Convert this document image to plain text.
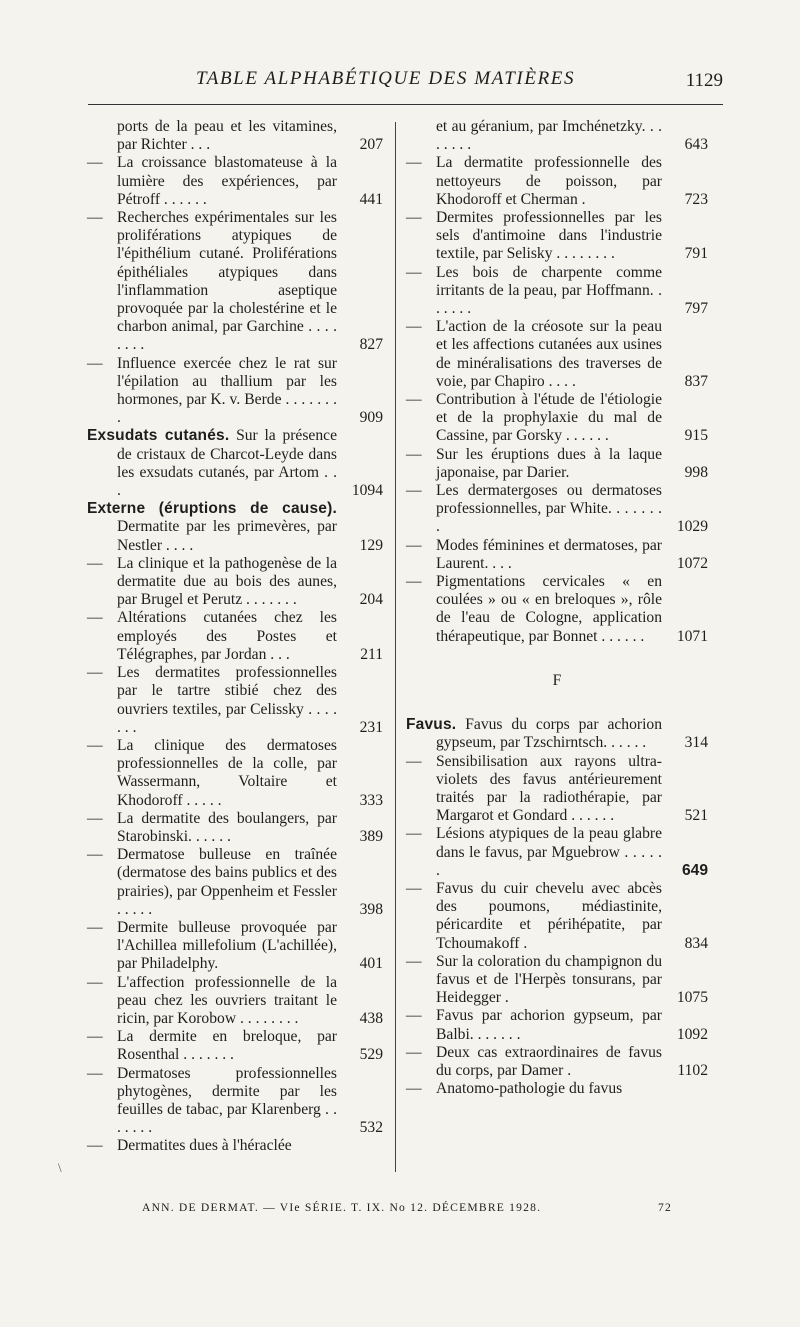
TABLE ALPHABÉTIQUE DES MATIÈRES	1129
ports de la peau et les vitamines, par Richter . . .	207
— La croissance blastomateuse à la lumière des expériences, par Pétroff . . . . . .	441
— Recherches expérimentales sur les proliférations atypiques de l'épithélium cutané. Proliférations épithéliales atypiques dans l'inflammation aseptique provoquée par la cholestérine et le charbon animal, par Garchine . . . . . . . .	827
— Influence exercée chez le rat sur l'épilation au thallium par les hormones, par K. v. Berde . . . . . . . .	909
Exsudats cutanés. Sur la présence de cristaux de Charcot-Leyde dans les exsudats cutanés, par Artom . . .	1094
Externe (éruptions de cause). Dermatite par les primevères, par Nestler . . . .	129
— La clinique et la pathogenèse de la dermatite due au bois des aunes, par Brugel et Perutz . . . . . . .	204
— Altérations cutanées chez les employés des Postes et Télégraphes, par Jordan . . .	211
— Les dermatites professionnelles par le tartre stibié chez des ouvriers textiles, par Celissky . . . . . . .	231
— La clinique des dermatoses professionnelles de la colle, par Wassermann, Voltaire et Khodoroff . . . . .	333
— La dermatite des boulangers, par Starobinski. . . . . .	389
— Dermatose bulleuse en traînée (dermatose des bains publics et des prairies), par Oppenheim et Fessler . . . . .	398
— Dermite bulleuse provoquée par l'Achillea millefolium (L'achillée), par Philadelphy.	401
— L'affection professionnelle de la peau chez les ouvriers traitant le ricin, par Korobow . . . . . . . .	438
— La dermite en breloque, par Rosenthal . . . . . . .	529
— Dermatoses professionnelles phytogènes, dermite par les feuilles de tabac, par Klarenberg . . . . . . .	532
— Dermatites dues à l'héraclée
et au géranium, par Imchénetzky. . . . . . . .	643
— La dermatite professionnelle des nettoyeurs de poisson, par Khodoroff et Cherman .	723
— Dermites professionnelles par les sels d'antimoine dans l'industrie textile, par Selisky . . . . . . . .	791
— Les bois de charpente comme irritants de la peau, par Hoffmann. . . . . . .	797
— L'action de la créosote sur la peau et les affections cutanées aux usines de minéralisations des traverses de voie, par Chapiro . . . .	837
— Contribution à l'étude de l'étiologie et de la prophylaxie du mal de Cassine, par Gorsky . . . . . .	915
— Sur les éruptions dues à la laque japonaise, par Darier.	998
— Les dermatergoses ou dermatoses professionnelles, par White. . . . . . . .	1029
— Modes féminines et dermatoses, par Laurent. . . .	1072
— Pigmentations cervicales « en coulées » ou « en breloques », rôle de l'eau de Cologne, application thérapeutique, par Bonnet . . . . . . 1071
F
Favus. Favus du corps par achorion gypseum, par Tzschirntsch. . . . . . 314
— Sensibilisation aux rayons ultra-violets des favus antérieurement traités par la radiothérapie, par Margarot et Gondard . . . . . .	521
— Lésions atypiques de la peau glabre dans le favus, par Mguebrow . . . . . .	649
— Favus du cuir chevelu avec abcès des poumons, médiastinite, péricardite et périhépatite, par Tchoumakoff .	834
— Sur la coloration du champignon du favus et de l'Herpès tonsurans, par Heidegger .	1075
— Favus par achorion gypseum, par Balbi. . . . . . .	1092
— Deux cas extraordinaires de favus du corps, par Damer .	1102
— Anatomo-pathologie du favus
\
ANN. DE DERMAT. — VIe SÉRIE. T. IX. No 12. DÉCEMBRE 1928.	72
